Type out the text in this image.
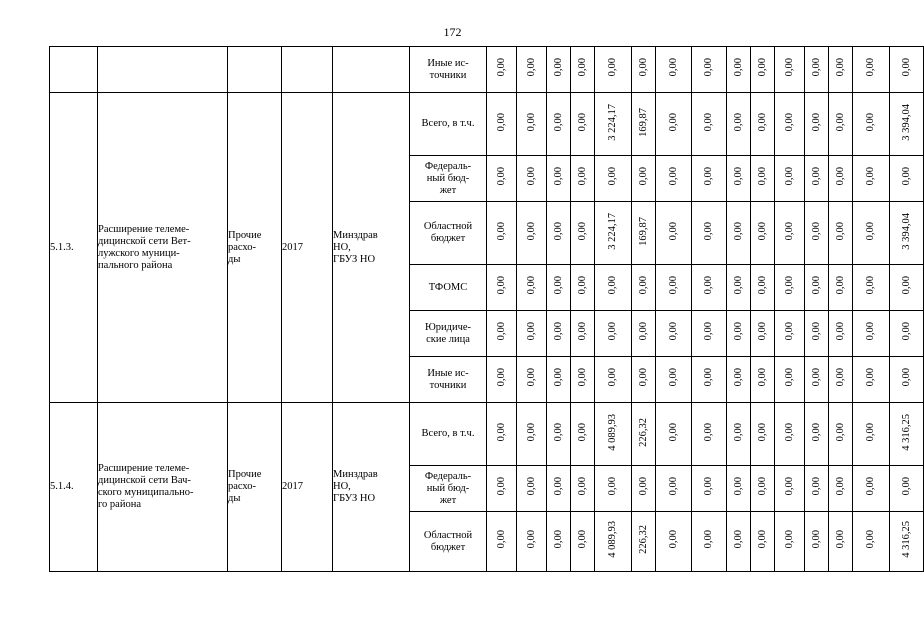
172

					Иные ис-
точники	0,00	0,00	0,00	0,00	0,00	0,00	0,00	0,00	0,00	0,00	0,00	0,00	0,00	0,00	0,00
5.1.3.	Расширение телеме-
дицинской сети Вет-
лужского муници-
пального района	Прочие
расхо-
ды	2017	Минздрав
НО,
ГБУЗ НО	Всего, в т.ч.	0,00	0,00	0,00	0,00	3 224,17	169,87	0,00	0,00	0,00	0,00	0,00	0,00	0,00	0,00	3 394,04

					Федераль-
ный бюд-
жет	0,00	0,00	0,00	0,00	0,00	0,00	0,00	0,00	0,00	0,00	0,00	0,00	0,00	0,00	0,00

					Областной
бюджет	0,00	0,00	0,00	0,00	3 224,17	169,87	0,00	0,00	0,00	0,00	0,00	0,00	0,00	0,00	3 394,04

					ТФОМС	0,00	0,00	0,00	0,00	0,00	0,00	0,00	0,00	0,00	0,00	0,00	0,00	0,00	0,00	0,00

					Юридиче-
ские лица	0,00	0,00	0,00	0,00	0,00	0,00	0,00	0,00	0,00	0,00	0,00	0,00	0,00	0,00	0,00

					Иные ис-
точники	0,00	0,00	0,00	0,00	0,00	0,00	0,00	0,00	0,00	0,00	0,00	0,00	0,00	0,00	0,00
5.1.4.	Расширение телеме-
дицинской сети Вач-
ского муниципально-
го района	Прочие
расхо-
ды	2017	Минздрав
НО,
ГБУЗ НО	Всего, в т.ч.	0,00	0,00	0,00	0,00	4 089,93	226,32	0,00	0,00	0,00	0,00	0,00	0,00	0,00	0,00	4 316,25

					Федераль-
ный бюд-
жет	0,00	0,00	0,00	0,00	0,00	0,00	0,00	0,00	0,00	0,00	0,00	0,00	0,00	0,00	0,00

					Областной
бюджет	0,00	0,00	0,00	0,00	4 089,93	226,32	0,00	0,00	0,00	0,00	0,00	0,00	0,00	0,00	4 316,25
